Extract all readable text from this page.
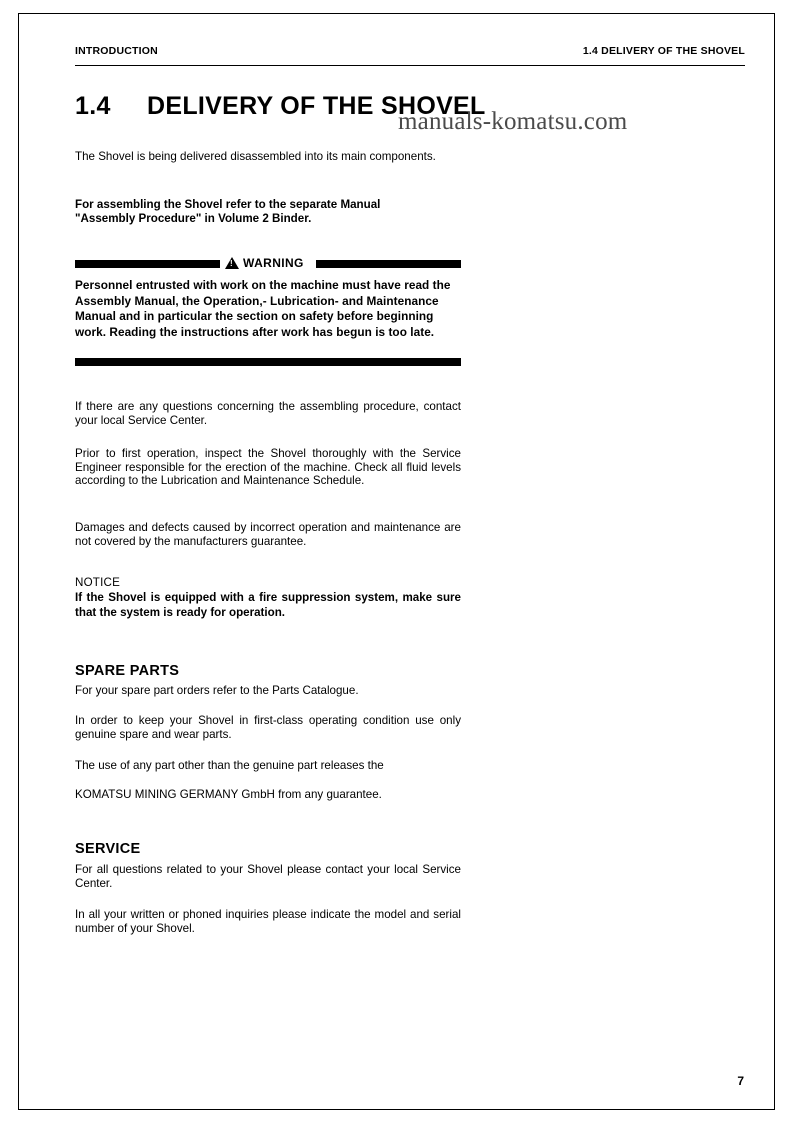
INTRODUCTION	1.4 DELIVERY OF THE SHOVEL
1.4	DELIVERY OF THE SHOVEL
manuals-komatsu.com

The Shovel is being delivered disassembled into its main components.

For assembling the Shovel refer to the separate Manual

"Assembly Procedure" in Volume 2 Binder.

!
WARNING
Personnel entrusted with work on the machine must have read the Assembly Manual, the Operation,- Lubrication- and Maintenance Manual and in particular the section on safety before beginning work. Reading the instructions after work has begun is too late.

If there are any questions concerning the assembling procedure, contact your local Service Center.

Prior to first operation, inspect the Shovel thoroughly with the Service Engineer responsible for the erection of the machine. Check all fluid levels according to the Lubrication and Maintenance Schedule.

Damages and defects caused by incorrect operation and maintenance are not covered by the manufacturers guarantee.

NOTICE

If the Shovel is equipped with a fire suppression system, make sure that the system is ready for operation.

SPARE PARTS

For your spare part orders refer to the Parts Catalogue.

In order to keep your Shovel in first-class operating condition use only genuine spare and wear parts.

The use of any part other than the genuine part releases the

KOMATSU MINING GERMANY GmbH from any guarantee.

SERVICE

For all questions related to your Shovel please contact your local Service Center.

In all your written or phoned inquiries please indicate the model and serial number of your Shovel.

7
